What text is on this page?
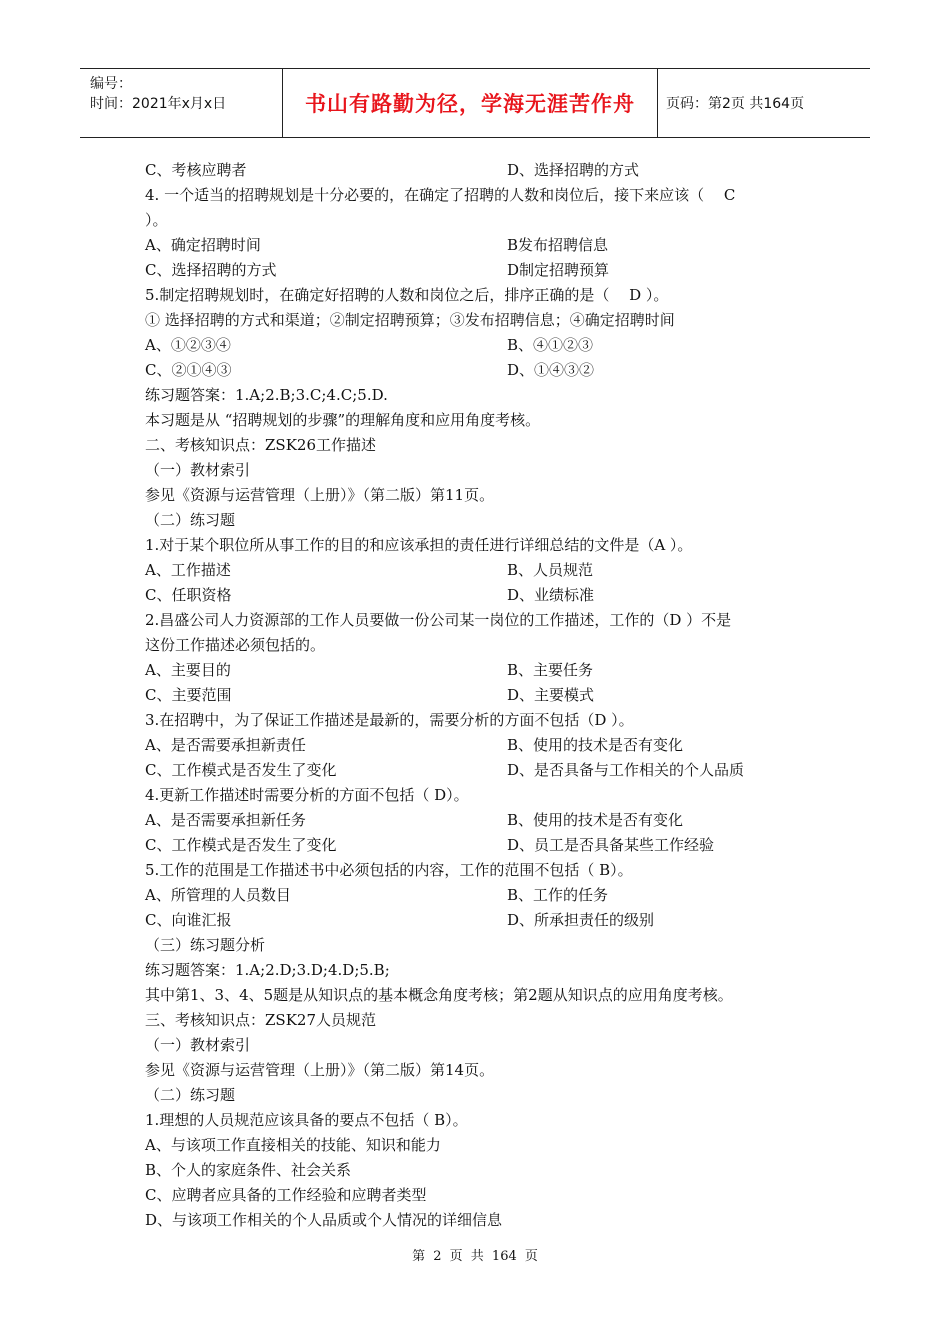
编号：
时间：2021年x月x日	书山有路勤为径，学海无涯苦作舟	页码：第2页 共164页
C、考核应聘者	D、选择招聘的方式
4. 一个适当的招聘规划是十分必要的，在确定了招聘的人数和岗位后，接下来应该（　 C
）。
A、确定招聘时间	B发布招聘信息
C、选择招聘的方式	D制定招聘预算
5.制定招聘规划时，在确定好招聘的人数和岗位之后，排序正确的是（　 D ）。
① 选择招聘的方式和渠道；②制定招聘预算；③发布招聘信息；④确定招聘时间
A、①②③④	B、④①②③
C、②①④③	D、①④③②
练习题答案：1.A;2.B;3.C;4.C;5.D.
本习题是从 “招聘规划的步骤”的理解角度和应用角度考核。
二、考核知识点：ZSK26工作描述
（一）教材索引
参见《资源与运营管理（上册）》（第二版）第11页。
（二）练习题
1.对于某个职位所从事工作的目的和应该承担的责任进行详细总结的文件是（A ）。
A、工作描述	B、人员规范
C、任职资格	D、业绩标准
2.昌盛公司人力资源部的工作人员要做一份公司某一岗位的工作描述，工作的（D ）不是
这份工作描述必须包括的。
A、主要目的	B、主要任务
C、主要范围	D、主要模式
3.在招聘中，为了保证工作描述是最新的，需要分析的方面不包括（D ）。
A、是否需要承担新责任	B、使用的技术是否有变化
C、工作模式是否发生了变化	D、是否具备与工作相关的个人品质
4.更新工作描述时需要分析的方面不包括（ D）。
A、是否需要承担新任务	B、使用的技术是否有变化
C、工作模式是否发生了变化	D、员工是否具备某些工作经验
5.工作的范围是工作描述书中必须包括的内容，工作的范围不包括（ B）。
A、所管理的人员数目	B、工作的任务
C、向谁汇报	D、所承担责任的级别
（三）练习题分析
练习题答案：1.A;2.D;3.D;4.D;5.B;
其中第1、3、4、5题是从知识点的基本概念角度考核；第2题从知识点的应用角度考核。
三、考核知识点：ZSK27人员规范
（一）教材索引
参见《资源与运营管理（上册）》（第二版）第14页。
（二）练习题
1.理想的人员规范应该具备的要点不包括（ B）。
A、与该项工作直接相关的技能、知识和能力
B、个人的家庭条件、社会关系
C、应聘者应具备的工作经验和应聘者类型
D、与该项工作相关的个人品质或个人情况的详细信息
第 2 页 共 164 页
